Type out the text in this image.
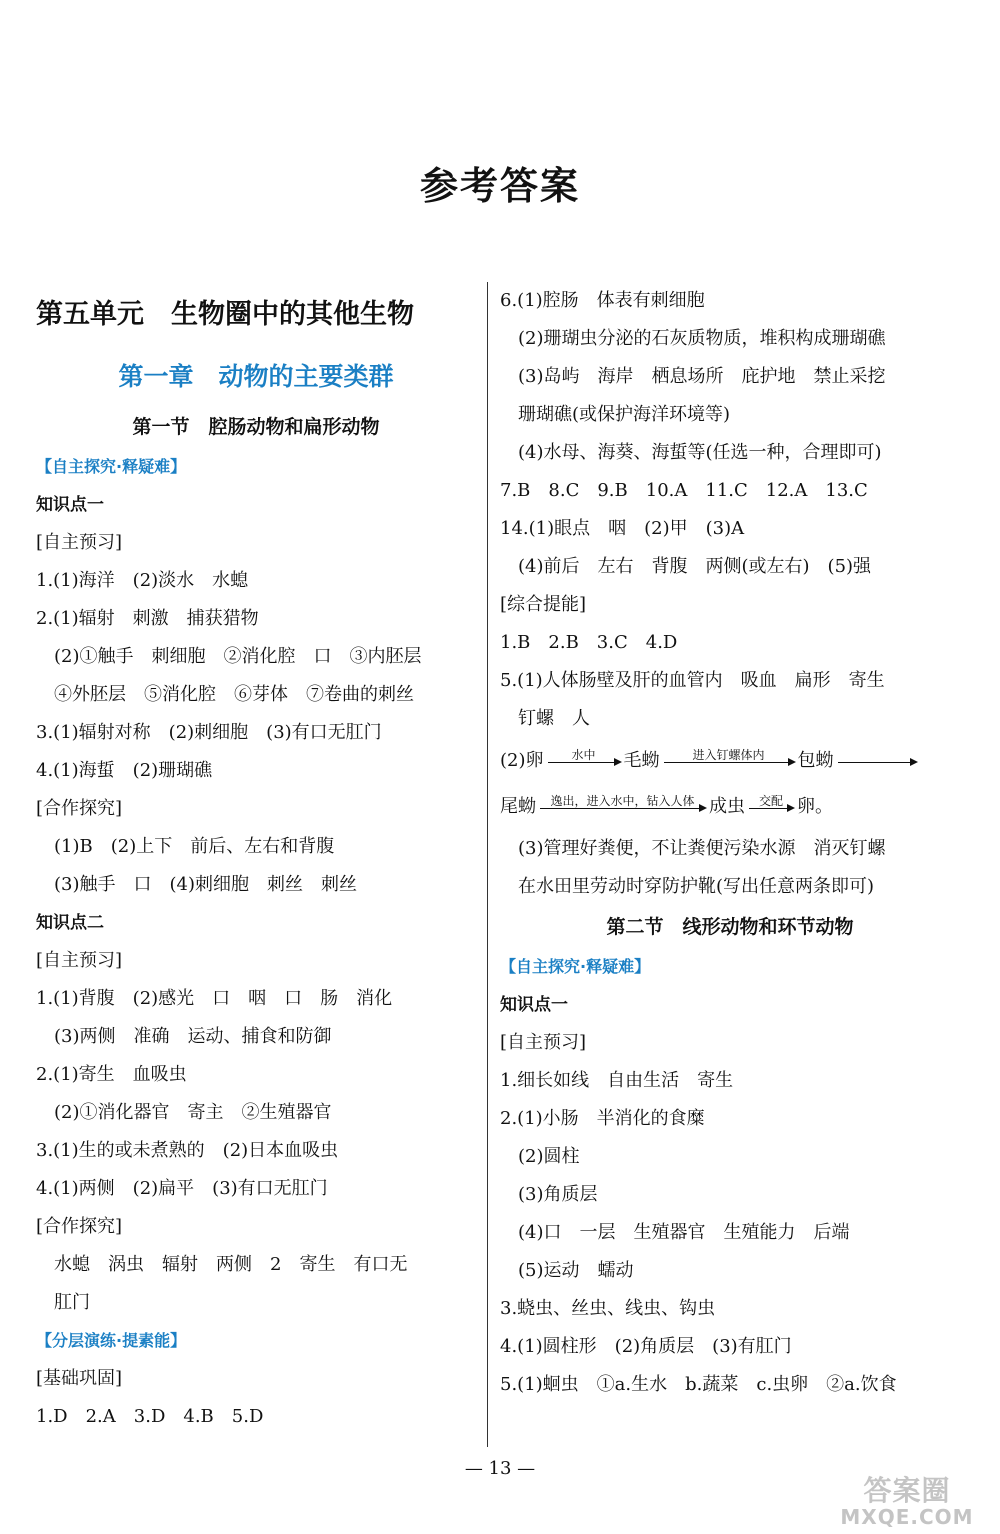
参考答案
第五单元　生物圈中的其他生物
第一章　动物的主要类群
第一节　腔肠动物和扁形动物
【自主探究·释疑难】
知识点一
[自主预习]
1.(1)海洋　(2)淡水　水螅
2.(1)辐射　刺激　捕获猎物
(2)①触手　刺细胞　②消化腔　口　③内胚层
④外胚层　⑤消化腔　⑥芽体　⑦卷曲的刺丝
3.(1)辐射对称　(2)刺细胞　(3)有口无肛门
4.(1)海蜇　(2)珊瑚礁
[合作探究]
(1)B　(2)上下　前后、左右和背腹
(3)触手　口　(4)刺细胞　刺丝　刺丝
知识点二
[自主预习]
1.(1)背腹　(2)感光　口　咽　口　肠　消化
(3)两侧　准确　运动、捕食和防御
2.(1)寄生　血吸虫
(2)①消化器官　寄主　②生殖器官
3.(1)生的或未煮熟的　(2)日本血吸虫
4.(1)两侧　(2)扁平　(3)有口无肛门
[合作探究]
水螅　涡虫　辐射　两侧　2　寄生　有口无
肛门
【分层演练·提素能】
[基础巩固]
1.D　2.A　3.D　4.B　5.D
6.(1)腔肠　体表有刺细胞
(2)珊瑚虫分泌的石灰质物质，堆积构成珊瑚礁
(3)岛屿　海岸　栖息场所　庇护地　禁止采挖
珊瑚礁(或保护海洋环境等)
(4)水母、海葵、海蜇等(任选一种，合理即可)
7.B　8.C　9.B　10.A　11.C　12.A　13.C
14.(1)眼点　咽　(2)甲　(3)A
(4)前后　左右　背腹　两侧(或左右)　(5)强
[综合提能]
1.B　2.B　3.C　4.D
5.(1)人体肠壁及肝的血管内　吸血　扁形　寄生
钉螺　人
(2)卵 水中 毛蚴	进入钉螺体内 包蚴
尾蚴 逸出，进入水中，钻入人体 成虫 交配 卵。
(3)管理好粪便，不让粪便污染水源　消灭钉螺
在水田里劳动时穿防护靴(写出任意两条即可)
第二节　线形动物和环节动物
【自主探究·释疑难】
知识点一
[自主预习]
1.细长如线　自由生活　寄生
2.(1)小肠　半消化的食糜
(2)圆柱
(3)角质层
(4)口　一层　生殖器官　生殖能力　后端
(5)运动　蠕动
3.蛲虫、丝虫、线虫、钩虫
4.(1)圆柱形　(2)角质层　(3)有肛门
5.(1)蛔虫　①a.生水　b.蔬菜　c.虫卵　②a.饮食
— 13 —
答案圈
MXQE.COM
